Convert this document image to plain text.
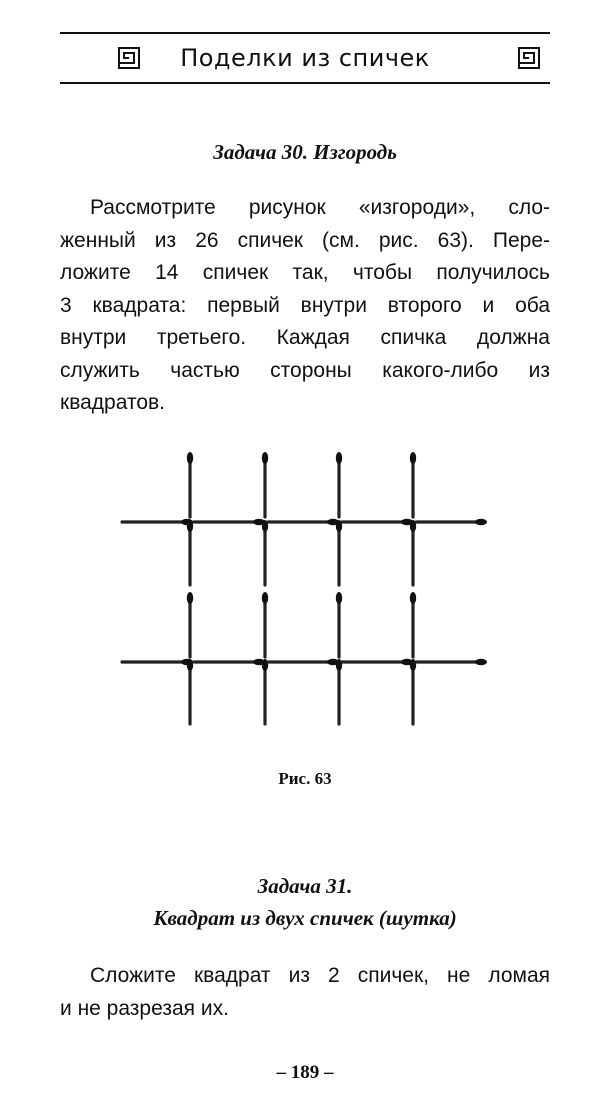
Поделки из спичек
Задача 30. Изгородь
Рассмотрите рисунок «изгороди», сло-
женный из 26 спичек (см. рис. 63). Пере-
ложите 14 спичек так, чтобы получилось
3 квадрата: первый внутри второго и оба
внутри третьего. Каждая спичка должна
служить частью стороны какого-либо из
квадратов.
Рис. 63
Задача 31.
Квадрат из двух спичек (шутка)
Сложите квадрат из 2 спичек, не ломая
и не разрезая их.
– 189 –
